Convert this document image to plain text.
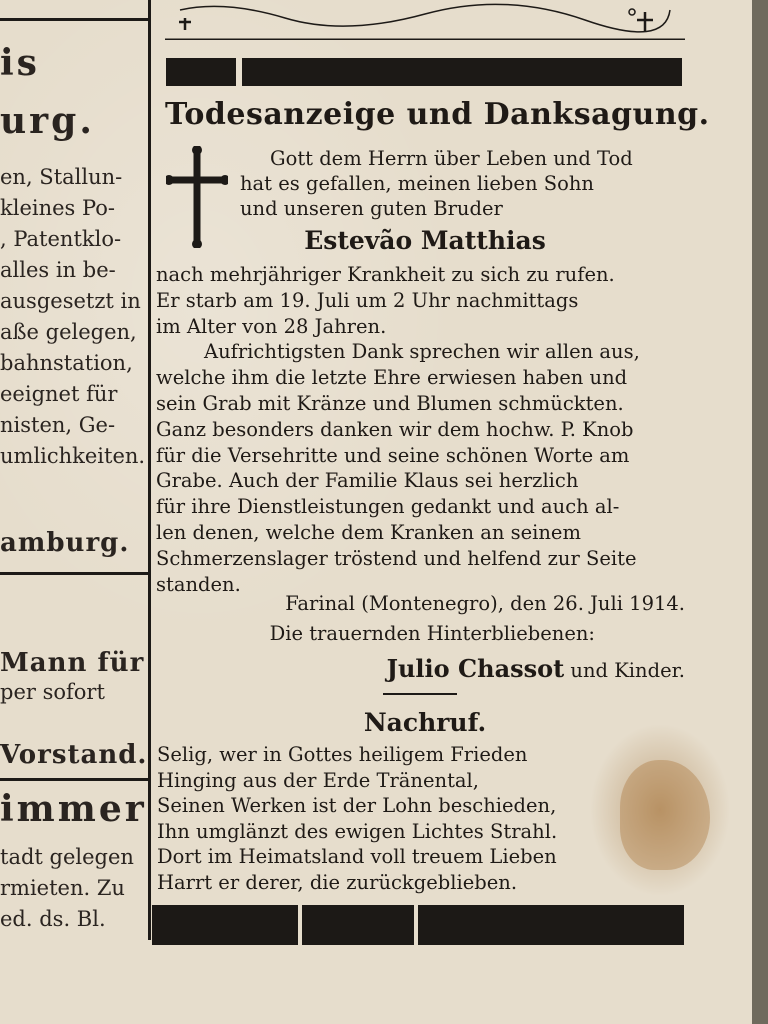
is
urg.
en, Stallun-
kleines Po-
, Patentklo-
alles in be-
ausgesetzt in
aße gelegen,
bahnstation,
eeignet für
nisten, Ge-
umlichkeiten.
amburg.
Mann für
per sofort
Vorstand.
immer
tadt gelegen
rmieten. Zu
ed. ds. Bl.
Todesanzeige und Danksagung.
Gott dem Herrn über Leben und Tod
hat es gefallen, meinen lieben Sohn
und unseren guten Bruder
Estevão Matthias
nach mehrjähriger Krankheit zu sich zu rufen.
Er starb am 19. Juli um 2 Uhr nachmittags
im Alter von 28 Jahren.
Aufrichtigsten Dank sprechen wir allen aus,
welche ihm die letzte Ehre erwiesen haben und
sein Grab mit Kränze und Blumen schmückten.
Ganz besonders danken wir dem hochw. P. Knob
für die Versehritte und seine schönen Worte am
Grabe. Auch der Familie Klaus sei herzlich
für ihre Dienstleistungen gedankt und auch al-
len denen, welche dem Kranken an seinem
Schmerzenslager tröstend und helfend zur Seite
standen.
Farinal (Montenegro), den 26. Juli 1914.
Die trauernden Hinterbliebenen:
Julio Chassot und Kinder.
Nachruf.
Selig, wer in Gottes heiligem Frieden
Hinging aus der Erde Tränental,
Seinen Werken ist der Lohn beschieden,
Ihn umglänzt des ewigen Lichtes Strahl.
Dort im Heimatsland voll treuem Lieben
Harrt er derer, die zurückgeblieben.
